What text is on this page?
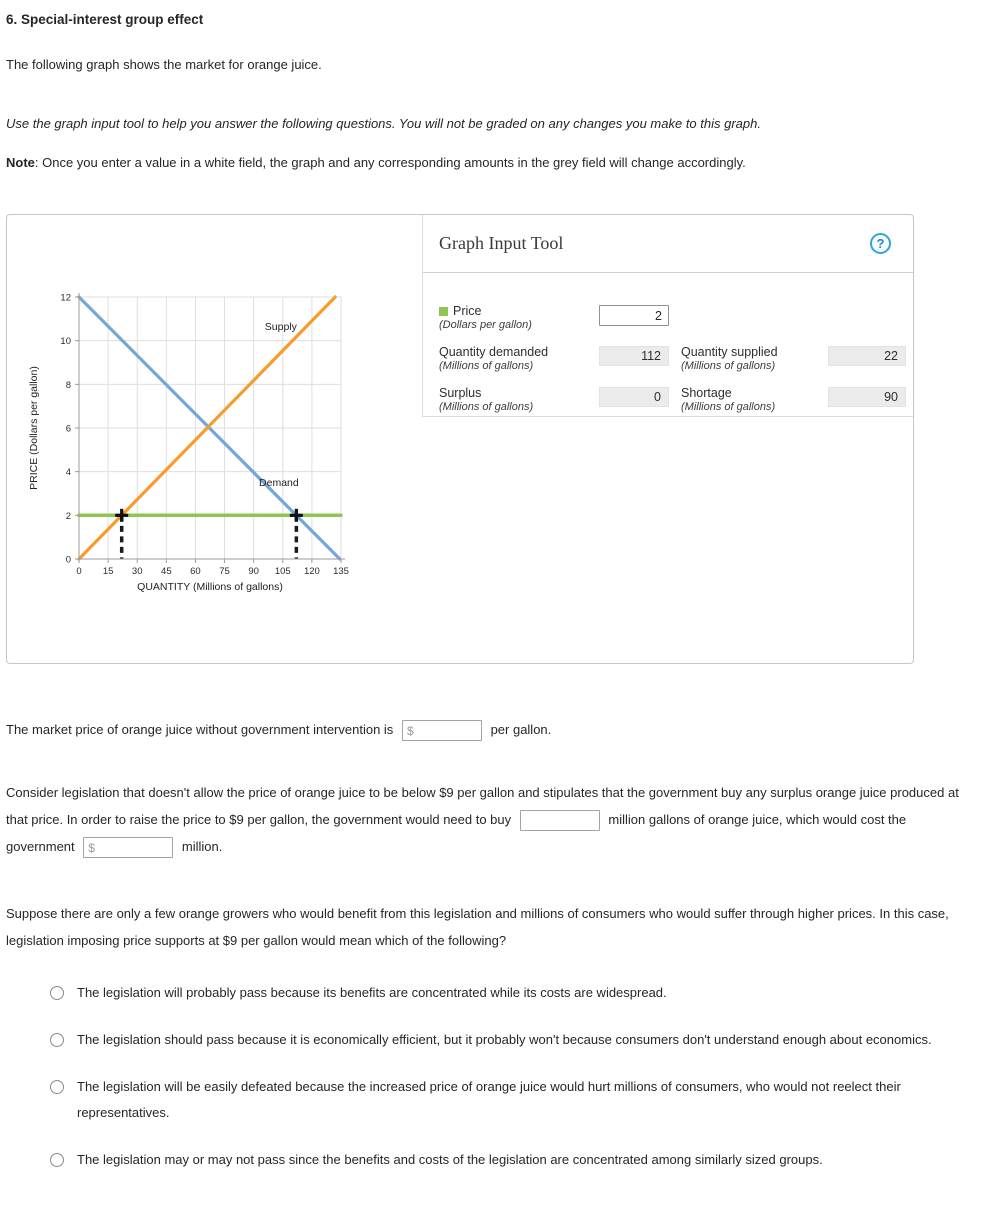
6. Special-interest group effect

The following graph shows the market for orange juice.

Use the graph input tool to help you answer the following questions. You will not be graded on any changes you make to this graph.

Note: Once you enter a value in a white field, the graph and any corresponding amounts in the grey field will change accordingly.

0 15 30 45 60 75 90 105 120 135
0
2
4
6
8
10
12
QUANTITY (Millions of gallons)
PRICE (Dollars per gallon)
Supply
Demand
Graph Input Tool	?
Price
(Dollars per gallon)
2
Quantity demanded
(Millions of gallons)
112	Quantity supplied
(Millions of gallons)
22
Surplus
(Millions of gallons)
0	Shortage
(Millions of gallons)
90

The market price of orange juice without government intervention is $	per gallon.

Consider legislation that doesn't allow the price of orange juice to be below $9 per gallon and stipulates that the government buy any surplus orange juice produced at that price. In order to raise the price to $9 per gallon, the government would need to buy	million gallons of orange juice, which would cost the government $	million.

Suppose there are only a few orange growers who would benefit from this legislation and millions of consumers who would suffer through higher prices. In this case, legislation imposing price supports at $9 per gallon would mean which of the following?

The legislation will probably pass because its benefits are concentrated while its costs are widespread.
The legislation should pass because it is economically efficient, but it probably won't because consumers don't understand enough about economics.
The legislation will be easily defeated because the increased price of orange juice would hurt millions of consumers, who would not reelect their representatives.
The legislation may or may not pass since the benefits and costs of the legislation are concentrated among similarly sized groups.
